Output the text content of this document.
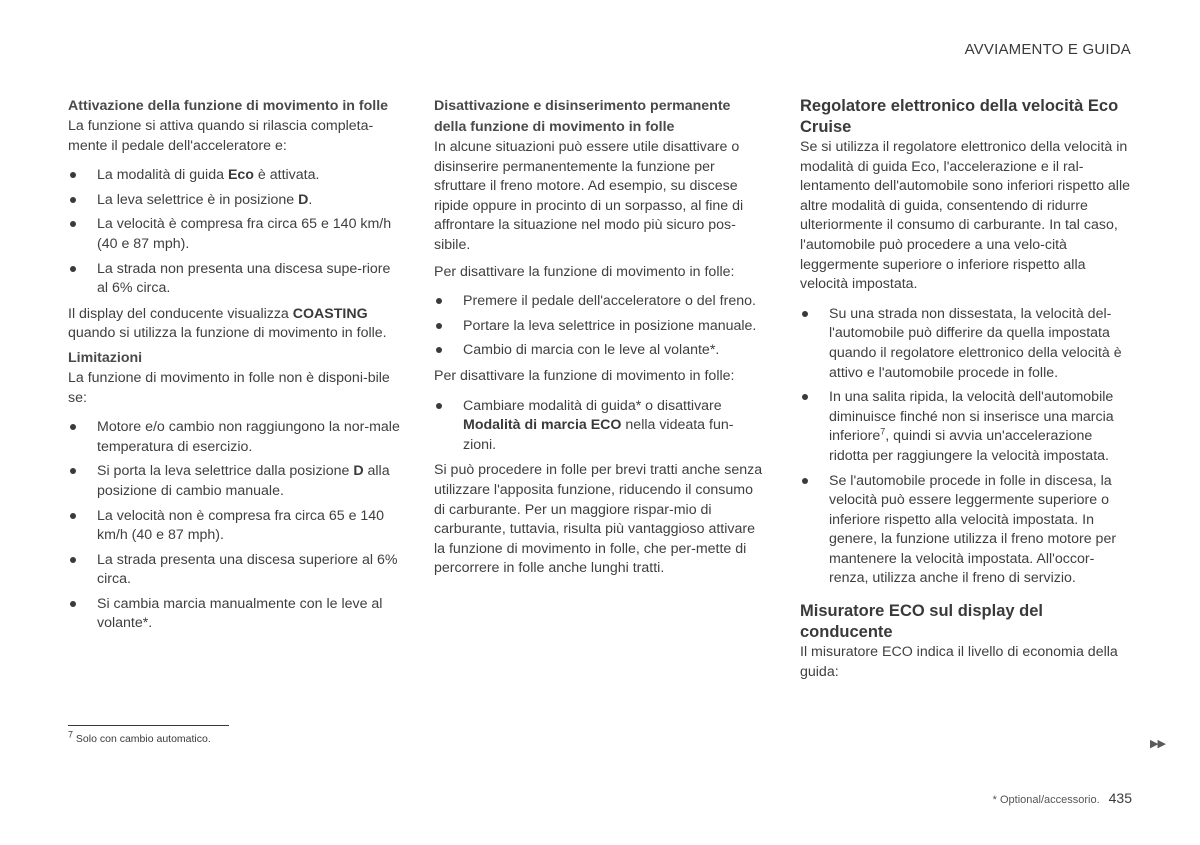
AVVIAMENTO E GUIDA

Attivazione della funzione di movimento in folle

La funzione si attiva quando si rilascia completa-mente il pedale dell'acceleratore e:

La modalità di guida Eco è attivata.
La leva selettrice è in posizione D.
La velocità è compresa fra circa 65 e 140 km/h (40 e 87 mph).
La strada non presenta una discesa supe-riore al 6% circa.

Il display del conducente visualizza COASTING quando si utilizza la funzione di movimento in folle.

Limitazioni

La funzione di movimento in folle non è disponi-bile se:

Motore e/o cambio non raggiungono la nor-male temperatura di esercizio.
Si porta la leva selettrice dalla posizione D alla posizione di cambio manuale.
La velocità non è compresa fra circa 65 e 140 km/h (40 e 87 mph).
La strada presenta una discesa superiore al 6% circa.
Si cambia marcia manualmente con le leve al volante*.

Disattivazione e disinserimento permanente della funzione di movimento in folle

In alcune situazioni può essere utile disattivare o disinserire permanentemente la funzione per sfruttare il freno motore. Ad esempio, su discese ripide oppure in procinto di un sorpasso, al fine di affrontare la situazione nel modo più sicuro pos-sibile.

Per disattivare la funzione di movimento in folle:

Premere il pedale dell'acceleratore o del freno.
Portare la leva selettrice in posizione manuale.
Cambio di marcia con le leve al volante*.

Per disattivare la funzione di movimento in folle:

Cambiare modalità di guida* o disattivare Modalità di marcia ECO nella videata fun-zioni.

Si può procedere in folle per brevi tratti anche senza utilizzare l'apposita funzione, riducendo il consumo di carburante. Per un maggiore rispar-mio di carburante, tuttavia, risulta più vantaggioso attivare la funzione di movimento in folle, che per-mette di percorrere in folle anche lunghi tratti.

Regolatore elettronico della velocità Eco Cruise

Se si utilizza il regolatore elettronico della velocità in modalità di guida Eco, l'accelerazione e il ral-lentamento dell'automobile sono inferiori rispetto alle altre modalità di guida, consentendo di ridurre ulteriormente il consumo di carburante. In tal caso, l'automobile può procedere a una velo-cità leggermente superiore o inferiore rispetto alla velocità impostata.

Su una strada non dissestata, la velocità del-l'automobile può differire da quella impostata quando il regolatore elettronico della velocità è attivo e l'automobile procede in folle.
In una salita ripida, la velocità dell'automobile diminuisce finché non si inserisce una marcia inferiore$^7$, quindi si avvia un'accelerazione ridotta per raggiungere la velocità impostata.
Se l'automobile procede in folle in discesa, la velocità può essere leggermente superiore o inferiore rispetto alla velocità impostata. In genere, la funzione utilizza il freno motore per mantenere la velocità impostata. All'occor-renza, utilizza anche il freno di servizio.

Misuratore ECO sul display del conducente

Il misuratore ECO indica il livello di economia della guida:

$^7$ Solo con cambio automatico.	▶▶
* Optional/accessorio. 435
